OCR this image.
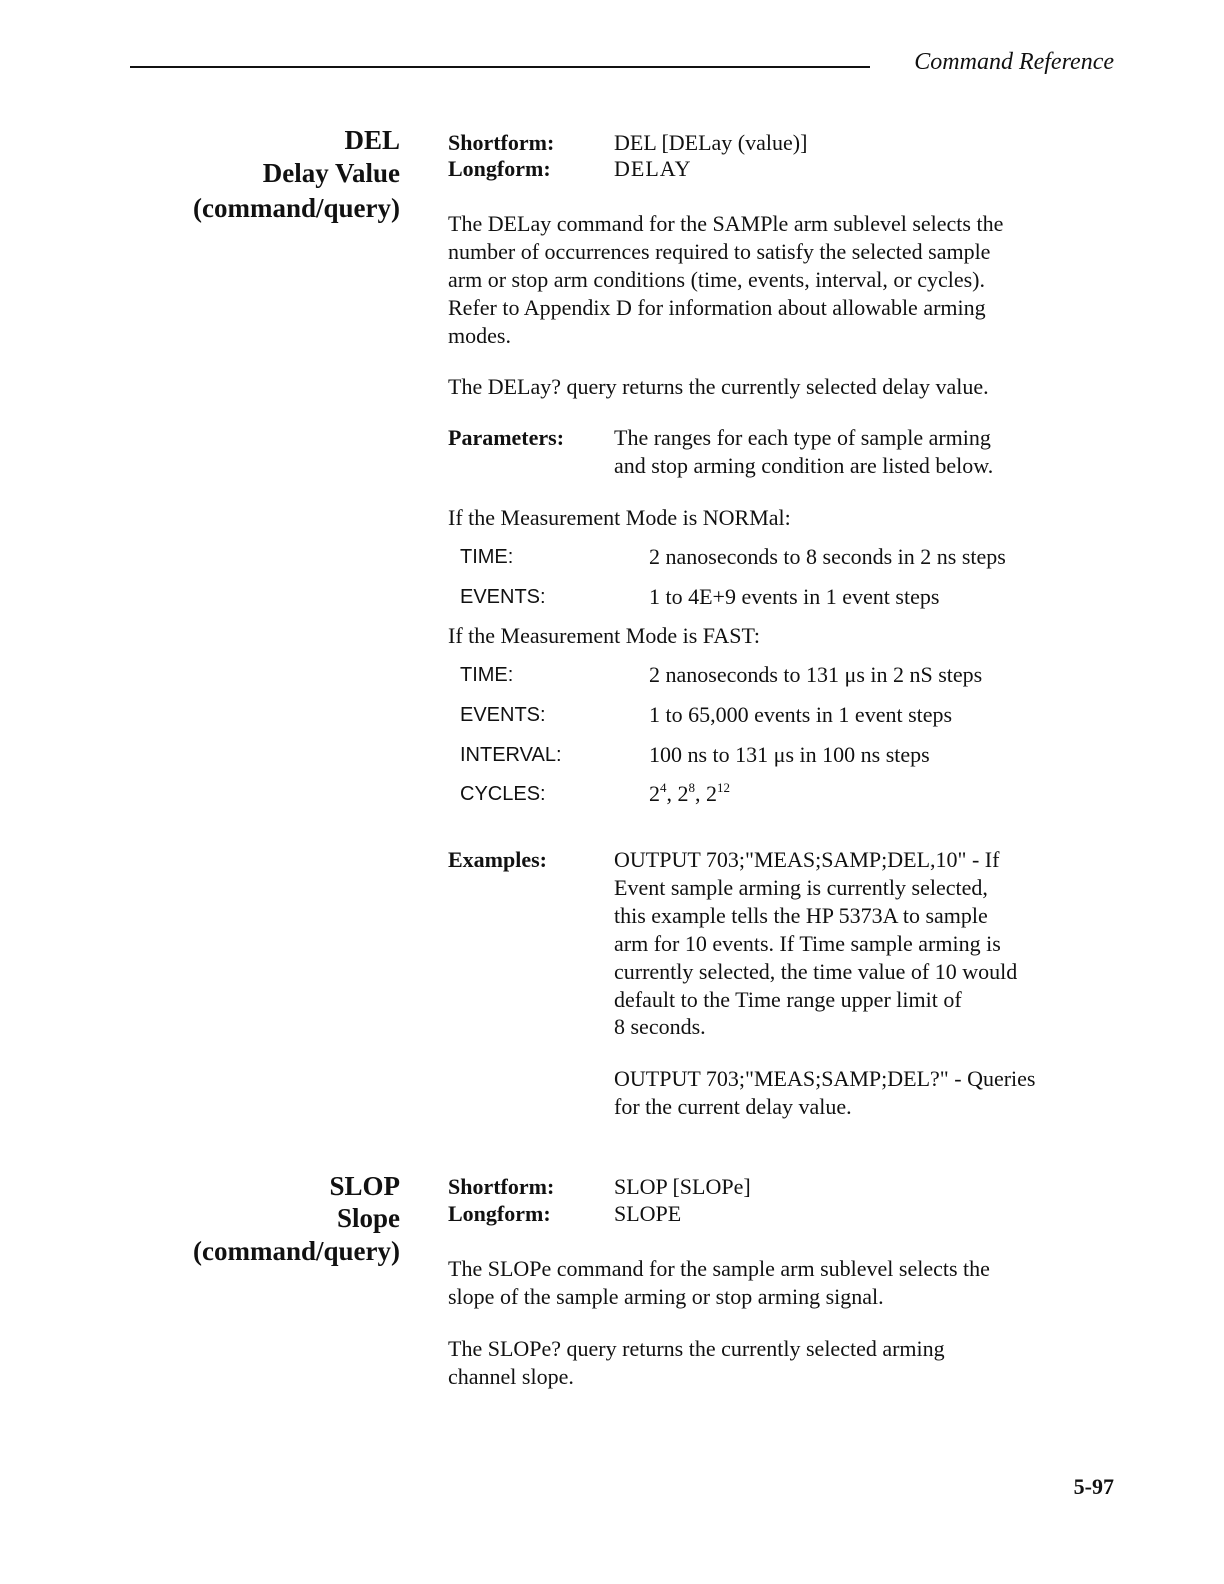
Command Reference
DEL
Delay Value
(command/query)
Shortform:	DEL [DELay (value)]
Longform:	DELAY
The DELay command for the SAMPle arm sublevel selects the
number of occurrences required to satisfy the selected sample
arm or stop arm conditions (time, events, interval, or cycles).
Refer to Appendix D for information about allowable arming
modes.
The DELay? query returns the currently selected delay value.
Parameters: The ranges for each type of sample arming
and stop arming condition are listed below.
If the Measurement Mode is NORMal:
TIME:	2 nanoseconds to 8 seconds in 2 ns steps
EVENTS:	1 to 4E+9 events in 1 event steps
If the Measurement Mode is FAST:
TIME:	2 nanoseconds to 131 μs in 2 nS steps
EVENTS:	1 to 65,000 events in 1 event steps
INTERVAL:	100 ns to 131 μs in 100 ns steps
CYCLES:	$2^4$, $2^8$, $2^{12}$
Examples:	OUTPUT 703;"MEAS;SAMP;DEL,10" - If
Event sample arming is currently selected,
this example tells the HP 5373A to sample
arm for 10 events. If Time sample arming is
currently selected, the time value of 10 would
default to the Time range upper limit of
8 seconds.
OUTPUT 703;"MEAS;SAMP;DEL?" - Queries
for the current delay value.
SLOP
Slope
(command/query)
Shortform:	SLOP [SLOPe]
Longform:	SLOPE
The SLOPe command for the sample arm sublevel selects the
slope of the sample arming or stop arming signal.
The SLOPe? query returns the currently selected arming
channel slope.
5-97
